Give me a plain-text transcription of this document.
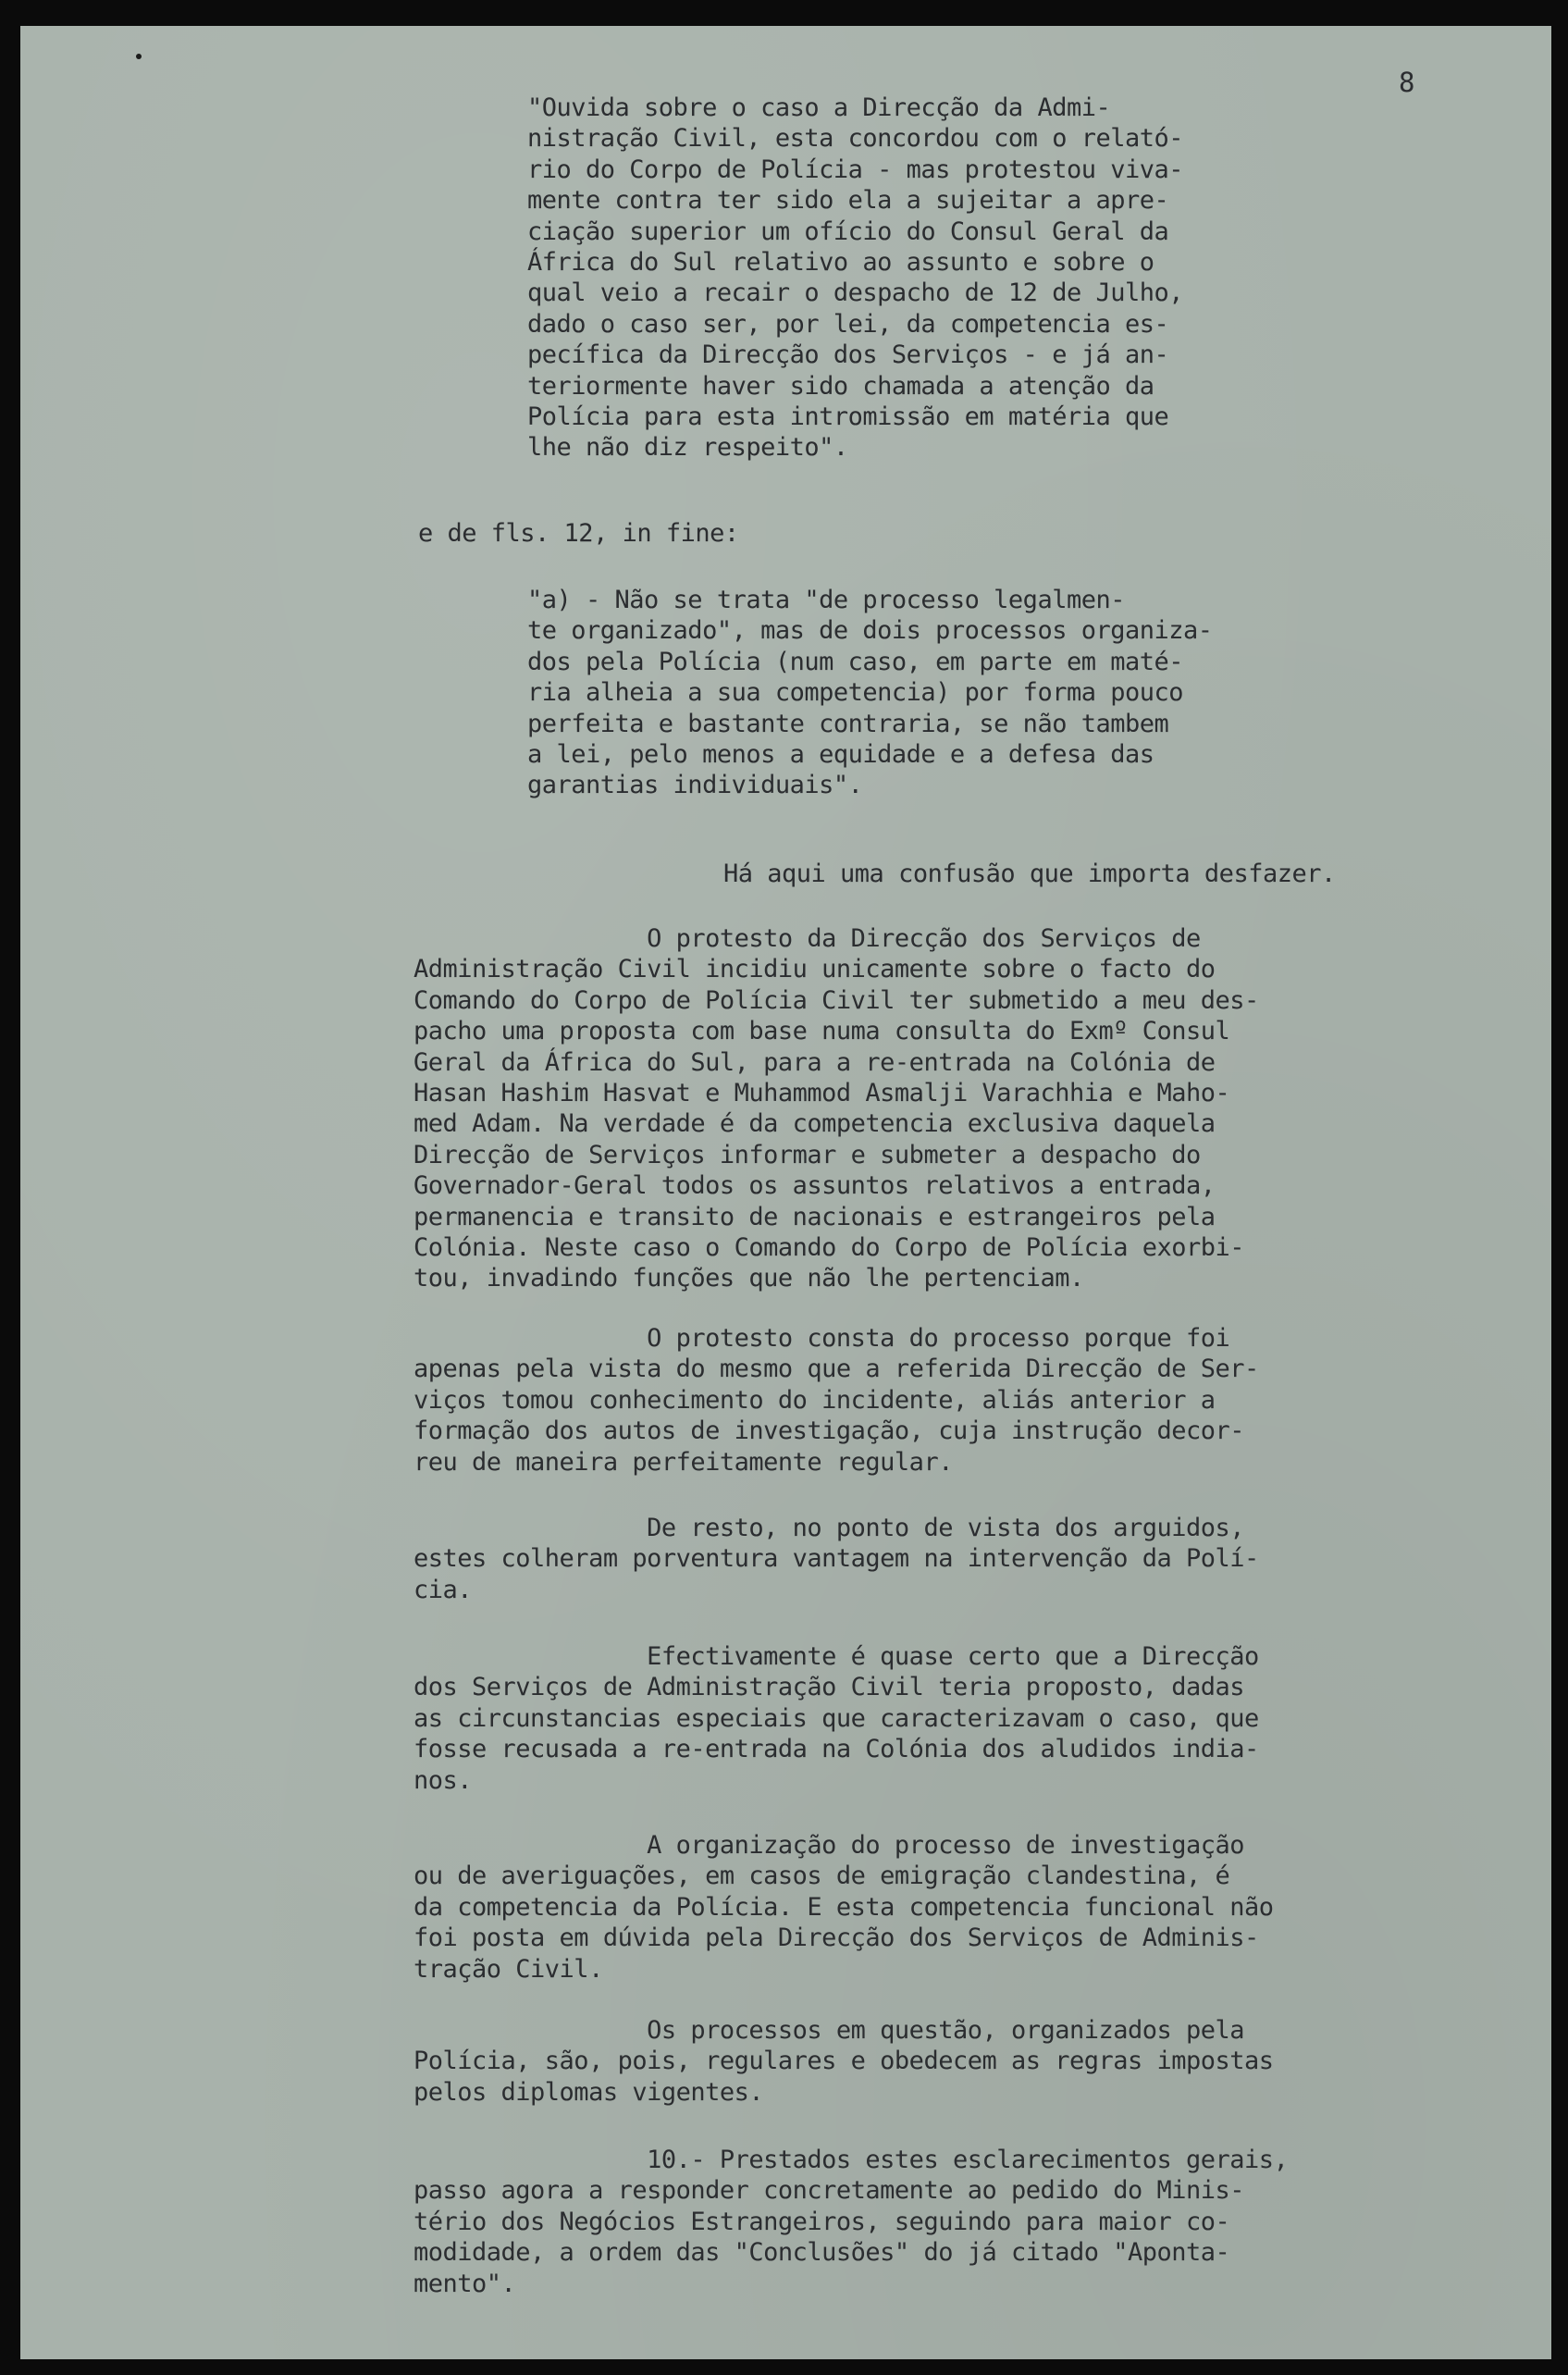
8
"Ouvida sobre o caso a Direcção da Admi-
nistração Civil, esta concordou com o relató-
rio do Corpo de Polícia - mas protestou viva-
mente contra ter sido ela a sujeitar a apre-
ciação superior um ofício do Consul Geral da
África do Sul relativo ao assunto e sobre o
qual veio a recair o despacho de 12 de Julho,
dado o caso ser, por lei, da competencia es-
pecífica da Direcção dos Serviços - e já an-
teriormente haver sido chamada a atenção da
Polícia para esta intromissão em matéria que
lhe não diz respeito".
e de fls. 12, in fine:
"a) - Não se trata "de processo legalmen-
te organizado", mas de dois processos organiza-
dos pela Polícia (num caso, em parte em maté-
ria alheia a sua competencia) por forma pouco
perfeita e bastante contraria, se não tambem
a lei, pelo menos a equidade e a defesa das
garantias individuais".
Há aqui uma confusão que importa desfazer.
O protesto da Direcção dos Serviços de
Administração Civil incidiu unicamente sobre o facto do
Comando do Corpo de Polícia Civil ter submetido a meu des-
pacho uma proposta com base numa consulta do Exmº Consul
Geral da África do Sul, para a re-entrada na Colónia de
Hasan Hashim Hasvat e Muhammod Asmalji Varachhia e Maho-
med Adam. Na verdade é da competencia exclusiva daquela
Direcção de Serviços informar e submeter a despacho do
Governador-Geral todos os assuntos relativos a entrada,
permanencia e transito de nacionais e estrangeiros pela
Colónia. Neste caso o Comando do Corpo de Polícia exorbi-
tou, invadindo funções que não lhe pertenciam.
O protesto consta do processo porque foi
apenas pela vista do mesmo que a referida Direcção de Ser-
viços tomou conhecimento do incidente, aliás anterior a
formação dos autos de investigação, cuja instrução decor-
reu de maneira perfeitamente regular.
De resto, no ponto de vista dos arguidos,
estes colheram porventura vantagem na intervenção da Polí-
cia.
Efectivamente é quase certo que a Direcção
dos Serviços de Administração Civil teria proposto, dadas
as circunstancias especiais que caracterizavam o caso, que
fosse recusada a re-entrada na Colónia dos aludidos india-
nos.
A organização do processo de investigação
ou de averiguações, em casos de emigração clandestina, é
da competencia da Polícia. E esta competencia funcional não
foi posta em dúvida pela Direcção dos Serviços de Adminis-
tração Civil.
Os processos em questão, organizados pela
Polícia, são, pois, regulares e obedecem as regras impostas
pelos diplomas vigentes.
10.- Prestados estes esclarecimentos gerais,
passo agora a responder concretamente ao pedido do Minis-
tério dos Negócios Estrangeiros, seguindo para maior co-
modidade, a ordem das "Conclusões" do já citado "Aponta-
mento".
